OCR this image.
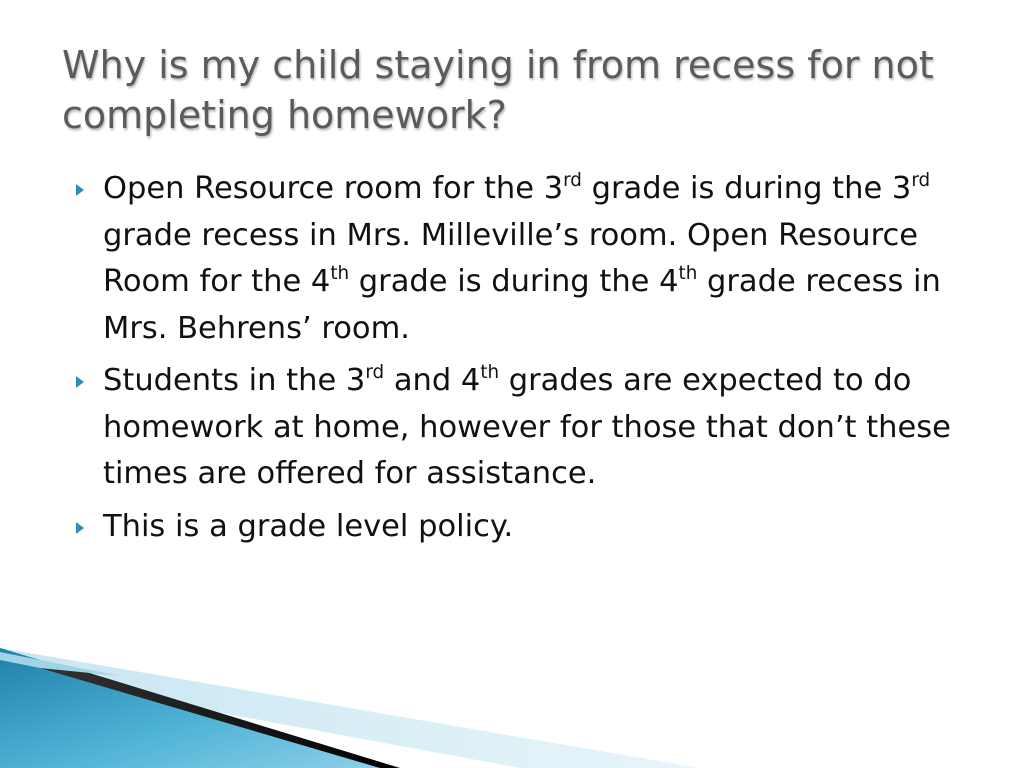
Why is my child staying in from recess for not completing homework?
Open Resource room for the 3rd grade is during the 3rd grade recess in Mrs. Milleville’s room. Open Resource Room for the 4th grade is during the 4th grade recess in Mrs. Behrens’ room.
Students in the 3rd and 4th grades are expected to do homework at home, however for those that don’t these times are offered for assistance.
This is a grade level policy.
